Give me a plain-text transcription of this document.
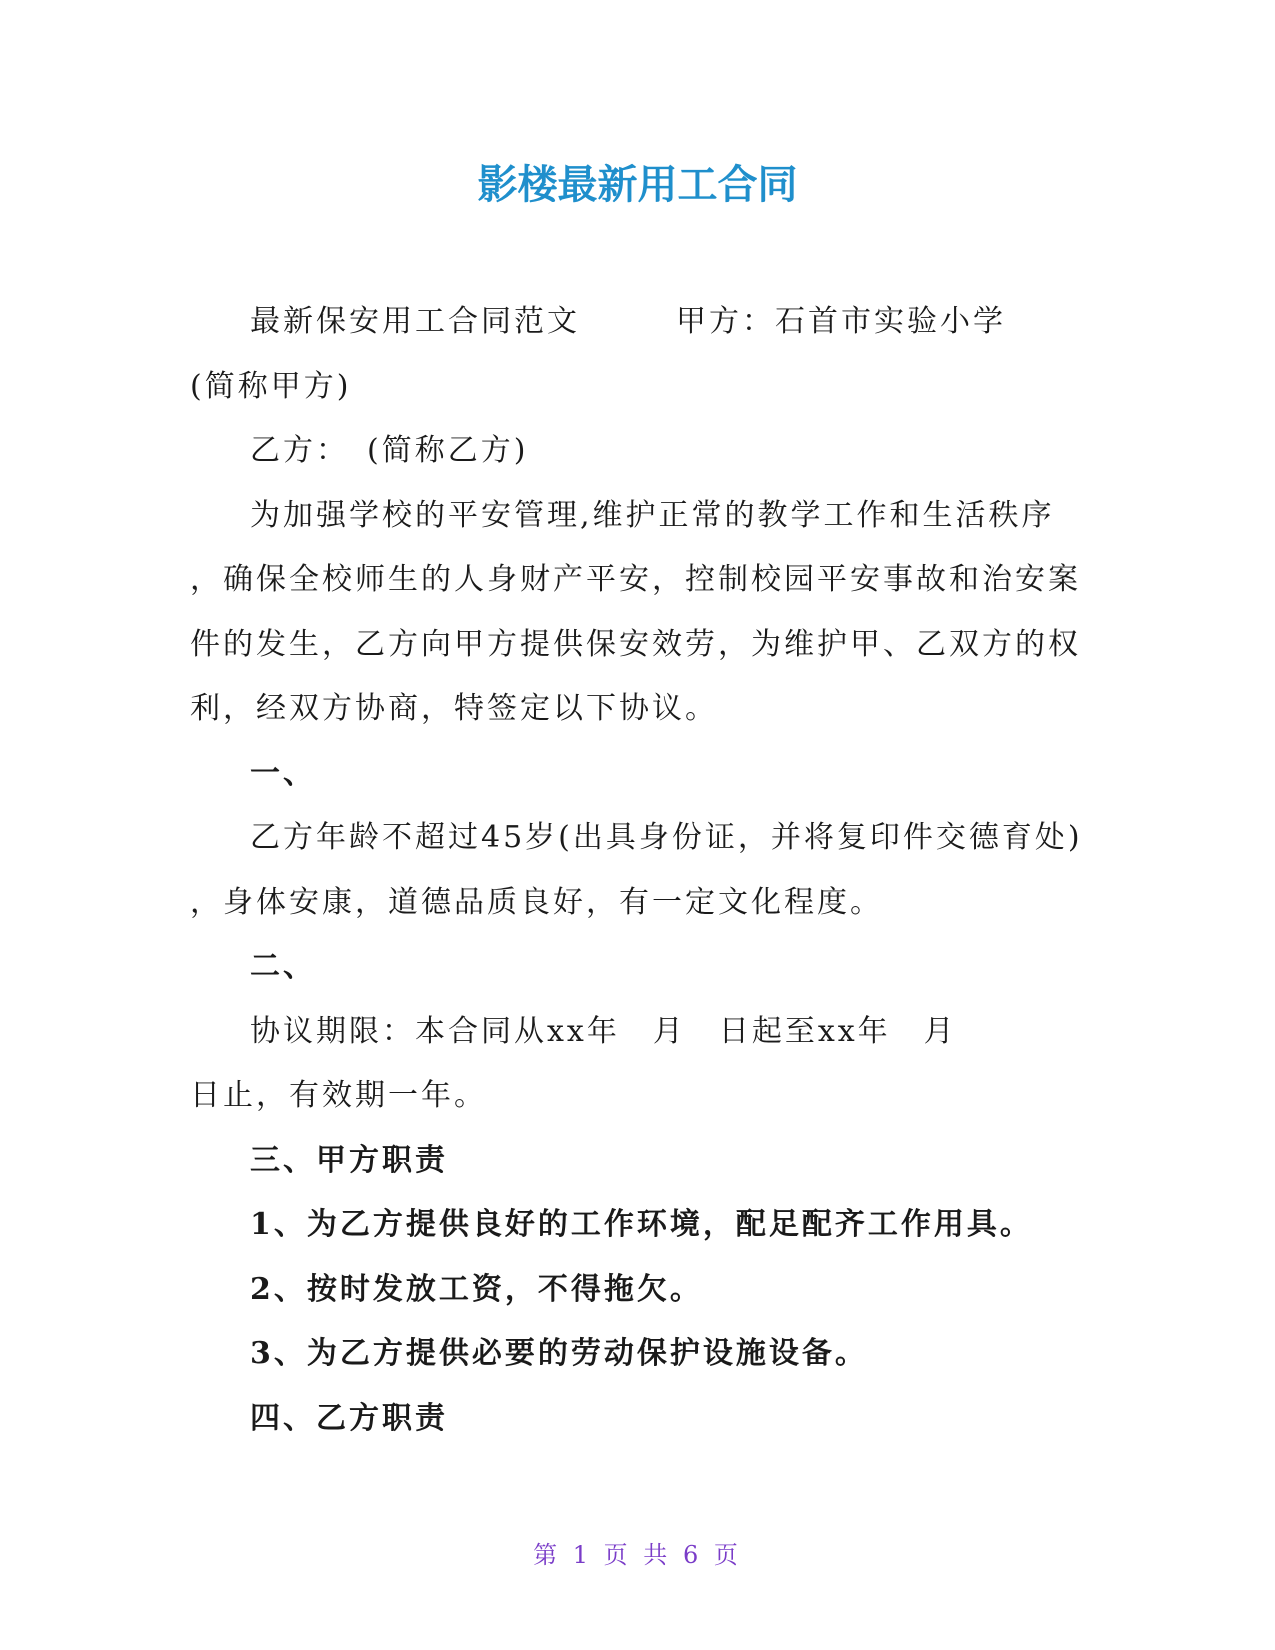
影楼最新用工合同
最新保安用工合同范文	甲方：石首市实验小学
(简称甲方)
乙方：　(简称乙方)
为加强学校的平安管理,维护正常的教学工作和生活秩序
，确保全校师生的人身财产平安，控制校园平安事故和治安案
件的发生，乙方向甲方提供保安效劳，为维护甲、乙双方的权
利，经双方协商，特签定以下协议。
一、
乙方年龄不超过45岁(出具身份证，并将复印件交德育处)
，身体安康，道德品质良好，有一定文化程度。
二、
协议期限：本合同从xx年　月　日起至xx年　月
日止，有效期一年。
三、甲方职责
1、为乙方提供良好的工作环境，配足配齐工作用具。
2、按时发放工资，不得拖欠。
3、为乙方提供必要的劳动保护设施设备。
四、乙方职责
第 1 页 共 6 页
